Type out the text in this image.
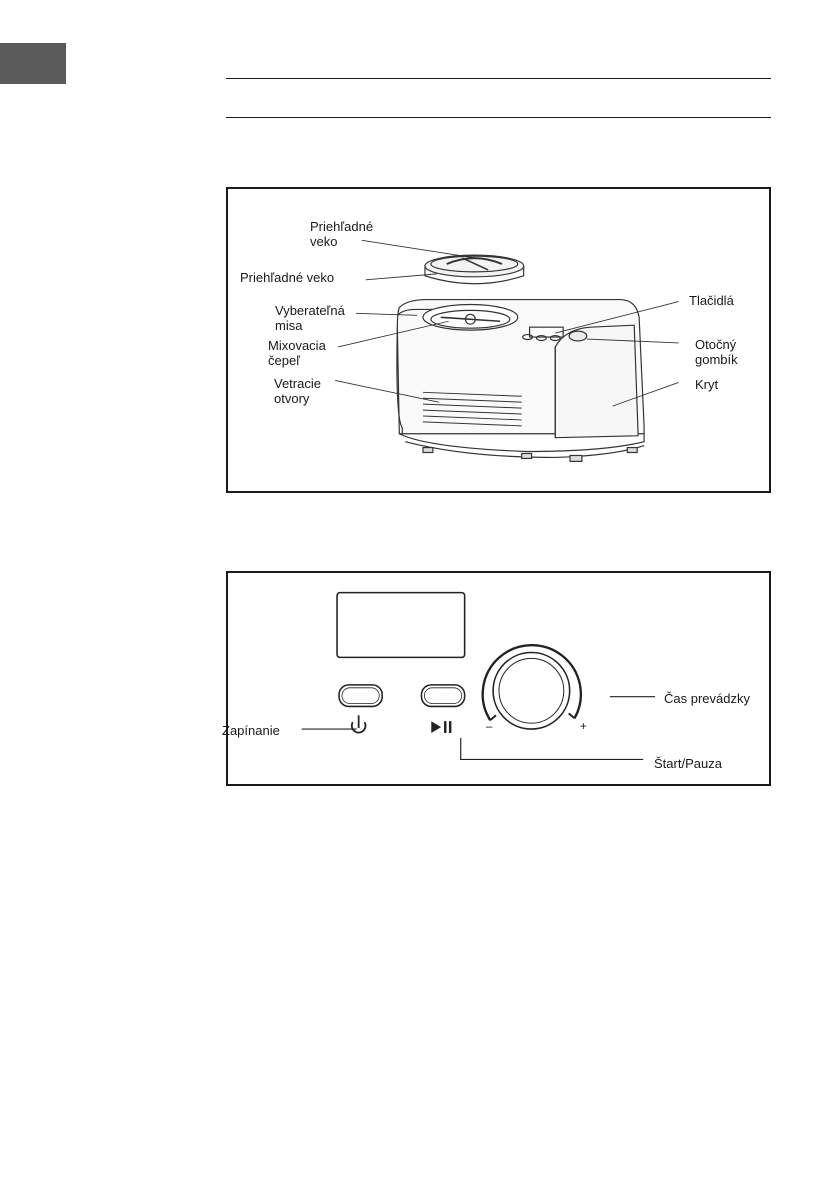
Priehľadné
veko
Priehľadné veko
Vyberateľná
misa
Mixovacia
čepeľ
Vetracie
otvory
Tlačidlá
Otočný
gombík
Kryt
Zapínanie
Čas prevádzky
Štart/Pauza
–	+
